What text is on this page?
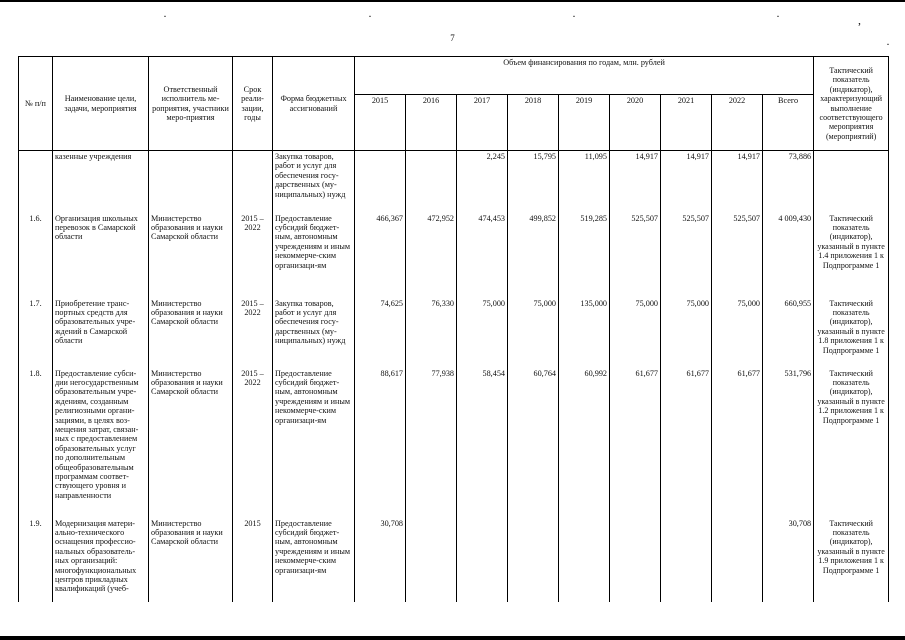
·	·	·	·	,
·
7
№ п/п	Наименование цели, задачи, мероприятия	Ответственный исполнитель ме-роприятия, участники меро-приятия	Срок реали-зации, годы	Форма бюджетных ассигнований	Объем финансирования по годам, млн. рублей									Тактический показатель (индикатор), характеризующий выполнение соответствующего мероприятия (мероприятий)
					2015	2016	2017	2018	2019	2020	2021	2022	Всего	
	казенные учреждения			Закупка товаров, работ и услуг для обеспечения госу-дарственных (му-ниципальных) нужд			2,245	15,795	11,095	14,917	14,917	14,917	73,886	
1.6.	Организация школьных перевозок в Самарской области	Министерство образования и науки Самарской области	2015 – 2022	Предоставление субсидий бюджет-ным, автономным учреждениям и иным некоммерче-ским организаци-ям	466,367	472,952	474,453	499,852	519,285	525,507	525,507	525,507	4 009,430	Тактический показатель (индикатор), указанный в пункте 1.4 приложения 1 к Подпрограмме 1
1.7.	Приобретение транс-портных средств для образовательных учре-ждений в Самарской области	Министерство образования и науки Самарской области	2015 – 2022	Закупка товаров, работ и услуг для обеспечения госу-дарственных (му-ниципальных) нужд	74,625	76,330	75,000	75,000	135,000	75,000	75,000	75,000	660,955	Тактический показатель (индикатор), указанный в пункте 1.8 приложения 1 к Подпрограмме 1
1.8.	Предоставление субси-дии негосударственным образовательным учре-ждениям, созданным религиозными органи-зациями, в целях воз-мещения затрат, связан-ных с предоставлением образовательных услуг по дополнительным общеобразовательным программам соответ-ствующего уровня и направленности	Министерство образования и науки Самарской области	2015 – 2022	Предоставление субсидий бюджет-ным, автономным учреждениям и иным некоммерче-ским организаци-ям	88,617	77,938	58,454	60,764	60,992	61,677	61,677	61,677	531,796	Тактический показатель (индикатор), указанный в пункте 1.2 приложения 1 к Подпрограмме 1
1.9.	Модернизация матери-ально-технического оснащения профессио-нальных образователь-ных организаций: многофункциональных центров прикладных квалификаций (учеб-	Министерство образования и науки Самарской области	2015	Предоставление субсидий бюджет-ным, автономным учреждениям и иным некоммерче-ским организаци-ям	30,708								30,708	Тактический показатель (индикатор), указанный в пункте 1.9 приложения 1 к Подпрограмме 1
